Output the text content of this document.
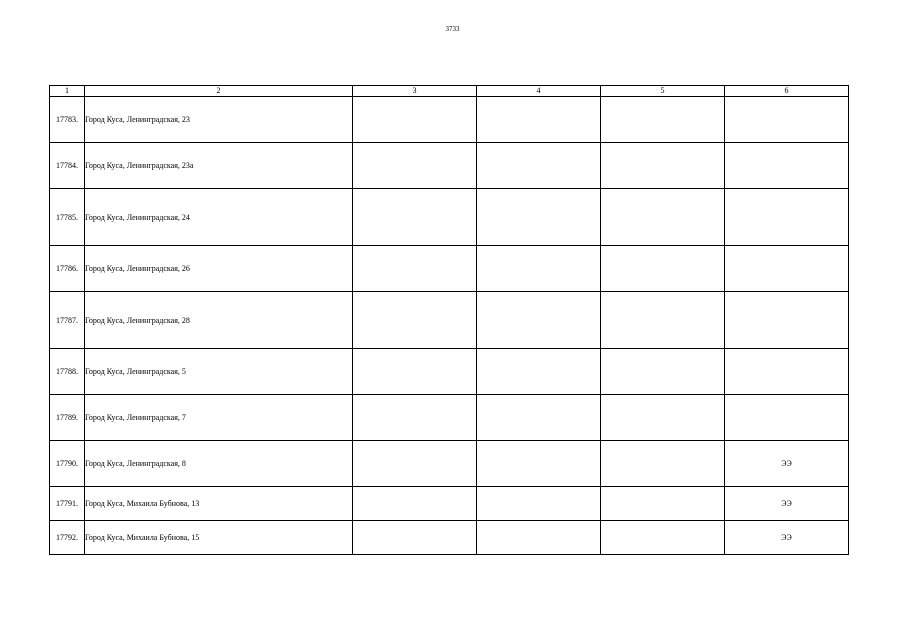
3733
1	2	3	4	5	6
17783.	Город Куса, Ленинградская, 23				
17784.	Город Куса, Ленинградская, 23а				
17785.	Город Куса, Ленинградская, 24				
17786.	Город Куса, Ленинградская, 26				
17787.	Город Куса, Ленинградская, 28				
17788.	Город Куса, Ленинградская, 5				
17789.	Город Куса, Ленинградская, 7				
17790.	Город Куса, Ленинградская, 8				ЭЭ
17791.	Город Куса, Михаила Бубнова, 13				ЭЭ
17792.	Город Куса, Михаила Бубнова, 15				ЭЭ
